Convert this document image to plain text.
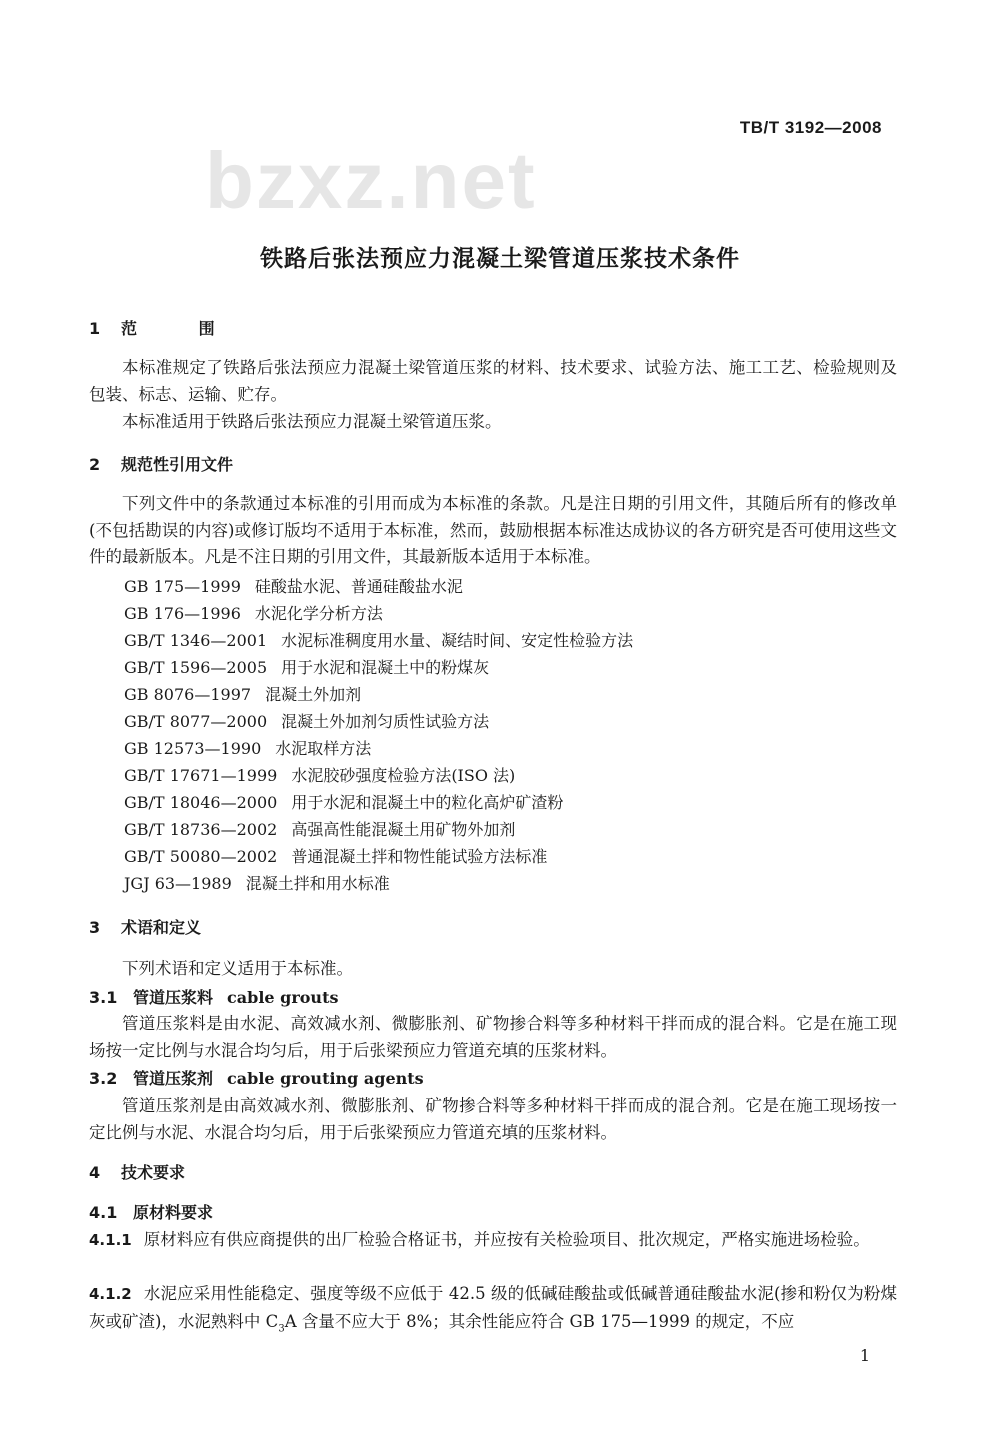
bzxz.net
TB/T 3192—2008
铁路后张法预应力混凝土梁管道压浆技术条件
1 范 围
本标准规定了铁路后张法预应力混凝土梁管道压浆的材料、技术要求、试验方法、施工工艺、检验规则及包装、标志、运输、贮存。
本标准适用于铁路后张法预应力混凝土梁管道压浆。
2 规范性引用文件
下列文件中的条款通过本标准的引用而成为本标准的条款。凡是注日期的引用文件，其随后所有的修改单(不包括勘误的内容)或修订版均不适用于本标准，然而，鼓励根据本标准达成协议的各方研究是否可使用这些文件的最新版本。凡是不注日期的引用文件，其最新版本适用于本标准。
GB 175—1999 硅酸盐水泥、普通硅酸盐水泥
GB 176—1996 水泥化学分析方法
GB/T 1346—2001 水泥标准稠度用水量、凝结时间、安定性检验方法
GB/T 1596—2005 用于水泥和混凝土中的粉煤灰
GB 8076—1997 混凝土外加剂
GB/T 8077—2000 混凝土外加剂匀质性试验方法
GB 12573—1990 水泥取样方法
GB/T 17671—1999 水泥胶砂强度检验方法(ISO 法)
GB/T 18046—2000 用于水泥和混凝土中的粒化高炉矿渣粉
GB/T 18736—2002 高强高性能混凝土用矿物外加剂
GB/T 50080—2002 普通混凝土拌和物性能试验方法标准
JGJ 63—1989 混凝土拌和用水标准
3 术语和定义
下列术语和定义适用于本标准。
3.1 管道压浆料 cable grouts
管道压浆料是由水泥、高效减水剂、微膨胀剂、矿物掺合料等多种材料干拌而成的混合料。它是在施工现场按一定比例与水混合均匀后，用于后张梁预应力管道充填的压浆材料。
3.2 管道压浆剂 cable grouting agents
管道压浆剂是由高效减水剂、微膨胀剂、矿物掺合料等多种材料干拌而成的混合剂。它是在施工现场按一定比例与水泥、水混合均匀后，用于后张梁预应力管道充填的压浆材料。
4 技术要求
4.1 原材料要求
4.1.1 原材料应有供应商提供的出厂检验合格证书，并应按有关检验项目、批次规定，严格实施进场检验。
4.1.2 水泥应采用性能稳定、强度等级不应低于 42.5 级的低碱硅酸盐或低碱普通硅酸盐水泥(掺和粉仅为粉煤灰或矿渣)，水泥熟料中 $C_3A$ 含量不应大于 8%；其余性能应符合 GB 175—1999 的规定，不应
1
